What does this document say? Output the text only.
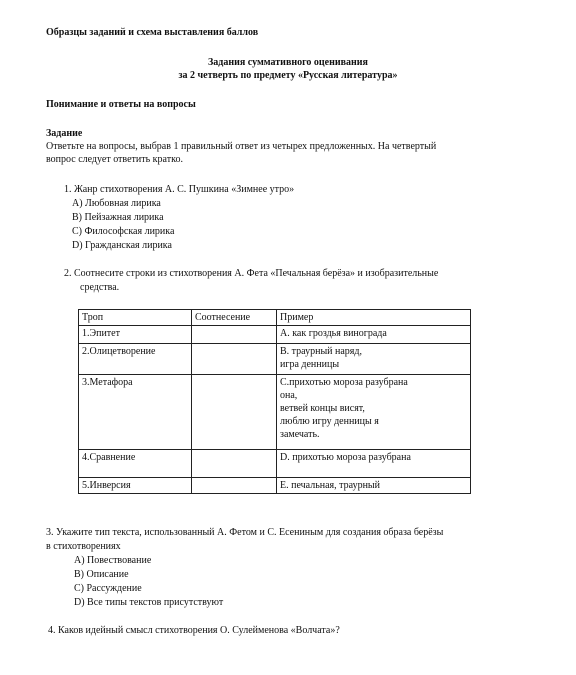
Образцы заданий и схема выставления баллов
Задания суммативного оценивания
за 2 четверть по предмету «Русская литература»
Понимание и ответы на вопросы
Задание
Ответьте на вопросы, выбрав 1 правильный ответ из четырех предложенных. На четвертый
вопрос следует ответить кратко.
1. Жанр стихотворения А. С. Пушкина «Зимнее утро»
A) Любовная лирика
B) Пейзажная лирика
C) Философская лирика
D) Гражданская лирика
2. Соотнесите строки из стихотворения А. Фета «Печальная берёза» и изобразительные
средства.
Троп	Соотнесение	Пример
1.Эпитет		А. как гроздья винограда
2.Олицетворение		В. траурный наряд,
игра денницы
3.Метафора		С.прихотью мороза разубрана
она,
ветвей концы висят,
люблю игру денницы я
замечать.
4.Сравнение		D. прихотью мороза разубрана
5.Инверсия		Е. печальная, траурный
3. Укажите тип текста, использованный А. Фетом и С. Есениным для создания образа берёзы
в стихотворениях
A) Повествование
B) Описание
C) Рассуждение
D) Все типы текстов присутствуют
4. Каков идейный смысл стихотворения О. Сулейменова «Волчата»?
